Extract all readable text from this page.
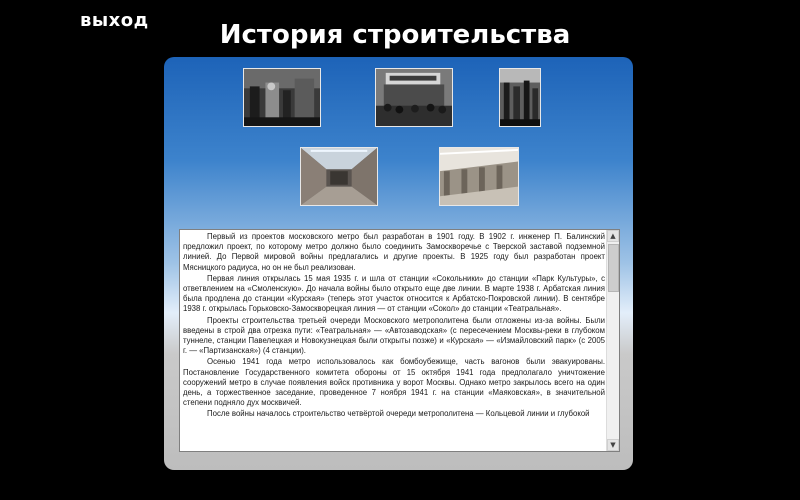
выход	История строительства

Первый из проектов московского метро был разработан в 1901 году. В 1902 г. инженер П. Балинский предложил проект, по которому метро должно было соединить Замоскворечье с Тверской заставой подземной линией. До Первой мировой войны предлагались и другие проекты. В 1925 году был разработан проект Мясницкого радиуса, но он не был реализован.

Первая линия открылась 15 мая 1935 г. и шла от станции «Сокольники» до станции «Парк Культуры», с ответвлением на «Смоленскую». До начала войны было открыто еще две линии. В марте 1938 г. Арбатская линия была продлена до станции «Курская» (теперь этот участок относится к Арбатско-Покровской линии). В сентябре 1938 г. открылась Горьковско-Замоскворецкая линия — от станции «Сокол» до станции «Театральная».

Проекты строительства третьей очереди Московского метрополитена были отложены из-за войны. Были введены в строй два отрезка пути: «Театральная» — «Автозаводская» (с пересечением Москвы-реки в глубоком туннеле, станции Павелецкая и Новокузнецкая были открыты позже) и «Курская» — «Измайловский парк» (с 2005 г. — «Партизанская») (4 станции).

Осенью 1941 года метро использовалось как бомбоубежище, часть вагонов были эвакуированы. Постановление Государственного комитета обороны от 15 октября 1941 года предполагало уничтожение сооружений метро в случае появления войск противника у ворот Москвы. Однако метро закрылось всего на один день, а торжественное заседание, проведенное 7 ноября 1941 г. на станции «Маяковская», в значительной степени подняло дух москвичей.

После войны началось строительство четвёртой очереди метрополитена — Кольцевой линии и глубокой

▲
▼
